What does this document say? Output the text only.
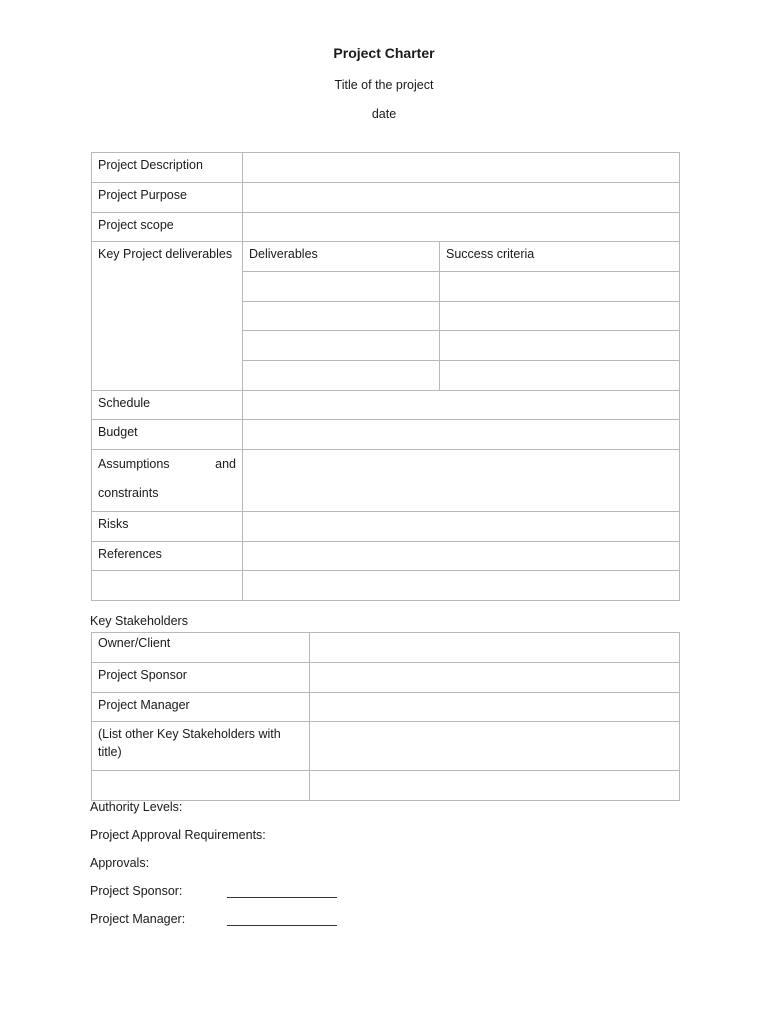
Project Charter
Title of the project
date
Project Description		
Project Purpose		
Project scope		
Key Project deliverables	Deliverables	Success criteria

Schedule		
Budget		

Assumptions and
constraints		

Risks		
References		

Key Stakeholders
Owner/Client	
Project Sponsor	
Project Manager	
(List other Key Stakeholders with title)	

Authority Levels:
Project Approval Requirements:
Approvals:
Project Sponsor:
Project Manager:
